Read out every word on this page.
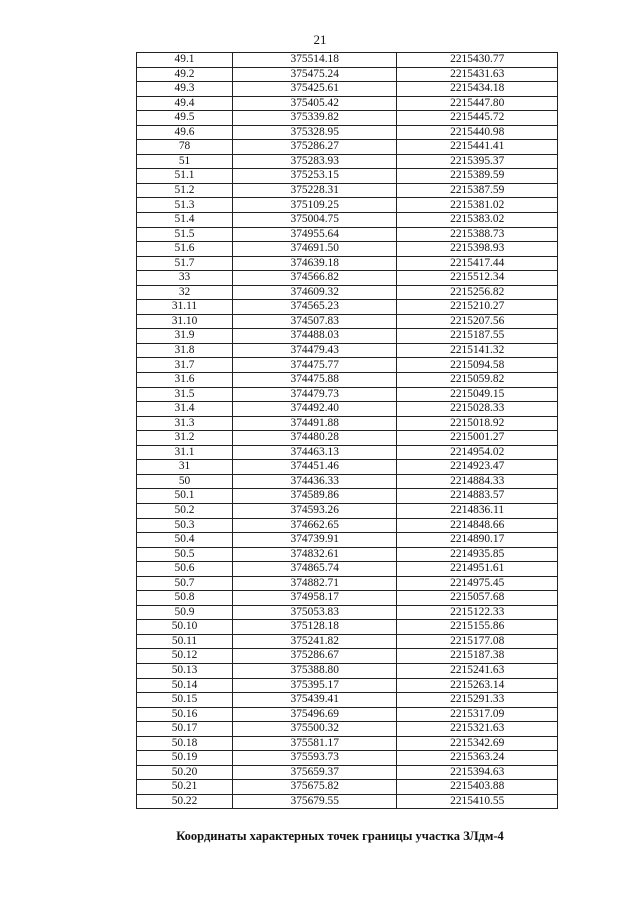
21
49.1	375514.18	2215430.77
49.2	375475.24	2215431.63
49.3	375425.61	2215434.18
49.4	375405.42	2215447.80
49.5	375339.82	2215445.72
49.6	375328.95	2215440.98
78	375286.27	2215441.41
51	375283.93	2215395.37
51.1	375253.15	2215389.59
51.2	375228.31	2215387.59
51.3	375109.25	2215381.02
51.4	375004.75	2215383.02
51.5	374955.64	2215388.73
51.6	374691.50	2215398.93
51.7	374639.18	2215417.44
33	374566.82	2215512.34
32	374609.32	2215256.82
31.11	374565.23	2215210.27
31.10	374507.83	2215207.56
31.9	374488.03	2215187.55
31.8	374479.43	2215141.32
31.7	374475.77	2215094.58
31.6	374475.88	2215059.82
31.5	374479.73	2215049.15
31.4	374492.40	2215028.33
31.3	374491.88	2215018.92
31.2	374480.28	2215001.27
31.1	374463.13	2214954.02
31	374451.46	2214923.47
50	374436.33	2214884.33
50.1	374589.86	2214883.57
50.2	374593.26	2214836.11
50.3	374662.65	2214848.66
50.4	374739.91	2214890.17
50.5	374832.61	2214935.85
50.6	374865.74	2214951.61
50.7	374882.71	2214975.45
50.8	374958.17	2215057.68
50.9	375053.83	2215122.33
50.10	375128.18	2215155.86
50.11	375241.82	2215177.08
50.12	375286.67	2215187.38
50.13	375388.80	2215241.63
50.14	375395.17	2215263.14
50.15	375439.41	2215291.33
50.16	375496.69	2215317.09
50.17	375500.32	2215321.63
50.18	375581.17	2215342.69
50.19	375593.73	2215363.24
50.20	375659.37	2215394.63
50.21	375675.82	2215403.88
50.22	375679.55	2215410.55
Координаты характерных точек границы участка ЗЛдм-4
